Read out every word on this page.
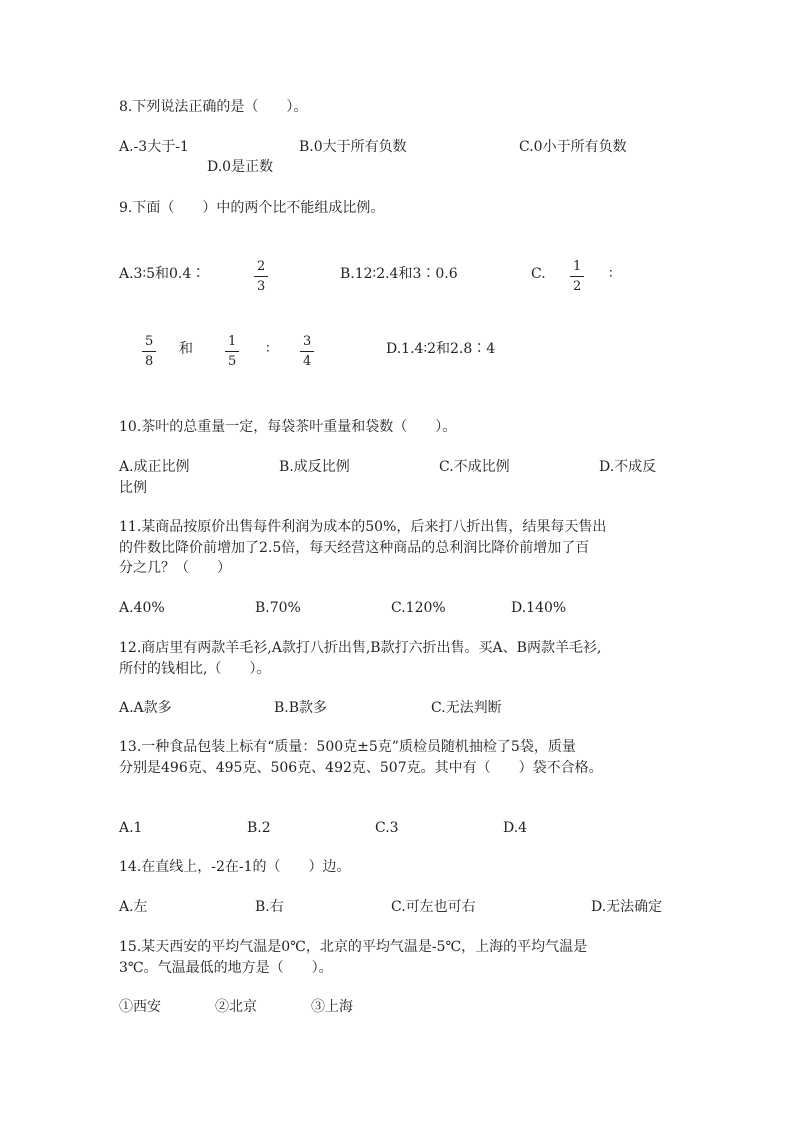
8.下列说法正确的是（　　）。
A.-3大于-1	B.0大于所有负数	C.0小于所有负数
D.0是正数
9.下面（　　）中的两个比不能组成比例。
A.3∶5和0.4∶	$\frac{2}{3}$	B.12∶2.4和3∶0.6	C. $\frac{1}{2}$ ∶
$\frac{5}{8}$ 和 $\frac{1}{5}$ ∶ $\frac{3}{4}$	D.1.4∶2和2.8∶4
10.茶叶的总重量一定，每袋茶叶重量和袋数（　　）。
A.成正比例	B.成反比例	C.不成比例	D.不成反
比例
11.某商品按原价出售每件利润为成本的50%，后来打八折出售，结果每天售出
的件数比降价前增加了2.5倍，每天经营这种商品的总利润比降价前增加了百
分之几？（　　）
A.40%	B.70%	C.120%	D.140%
12.商店里有两款羊毛衫,A款打八折出售,B款打六折出售。买A、B两款羊毛衫,
所付的钱相比,（　　）。
A.A款多	B.B款多	C.无法判断
13.一种食品包装上标有“质量：500克±5克”质检员随机抽检了5袋，质量
分别是496克、495克、506克、492克、507克。其中有（　　）袋不合格。
A.1	B.2	C.3	D.4
14.在直线上，-2在-1的（　　）边。
A.左	B.右	C.可左也可右	D.无法确定
15.某天西安的平均气温是0℃，北京的平均气温是-5℃，上海的平均气温是
3℃。气温最低的地方是（　　）。
①西安	②北京	③上海
